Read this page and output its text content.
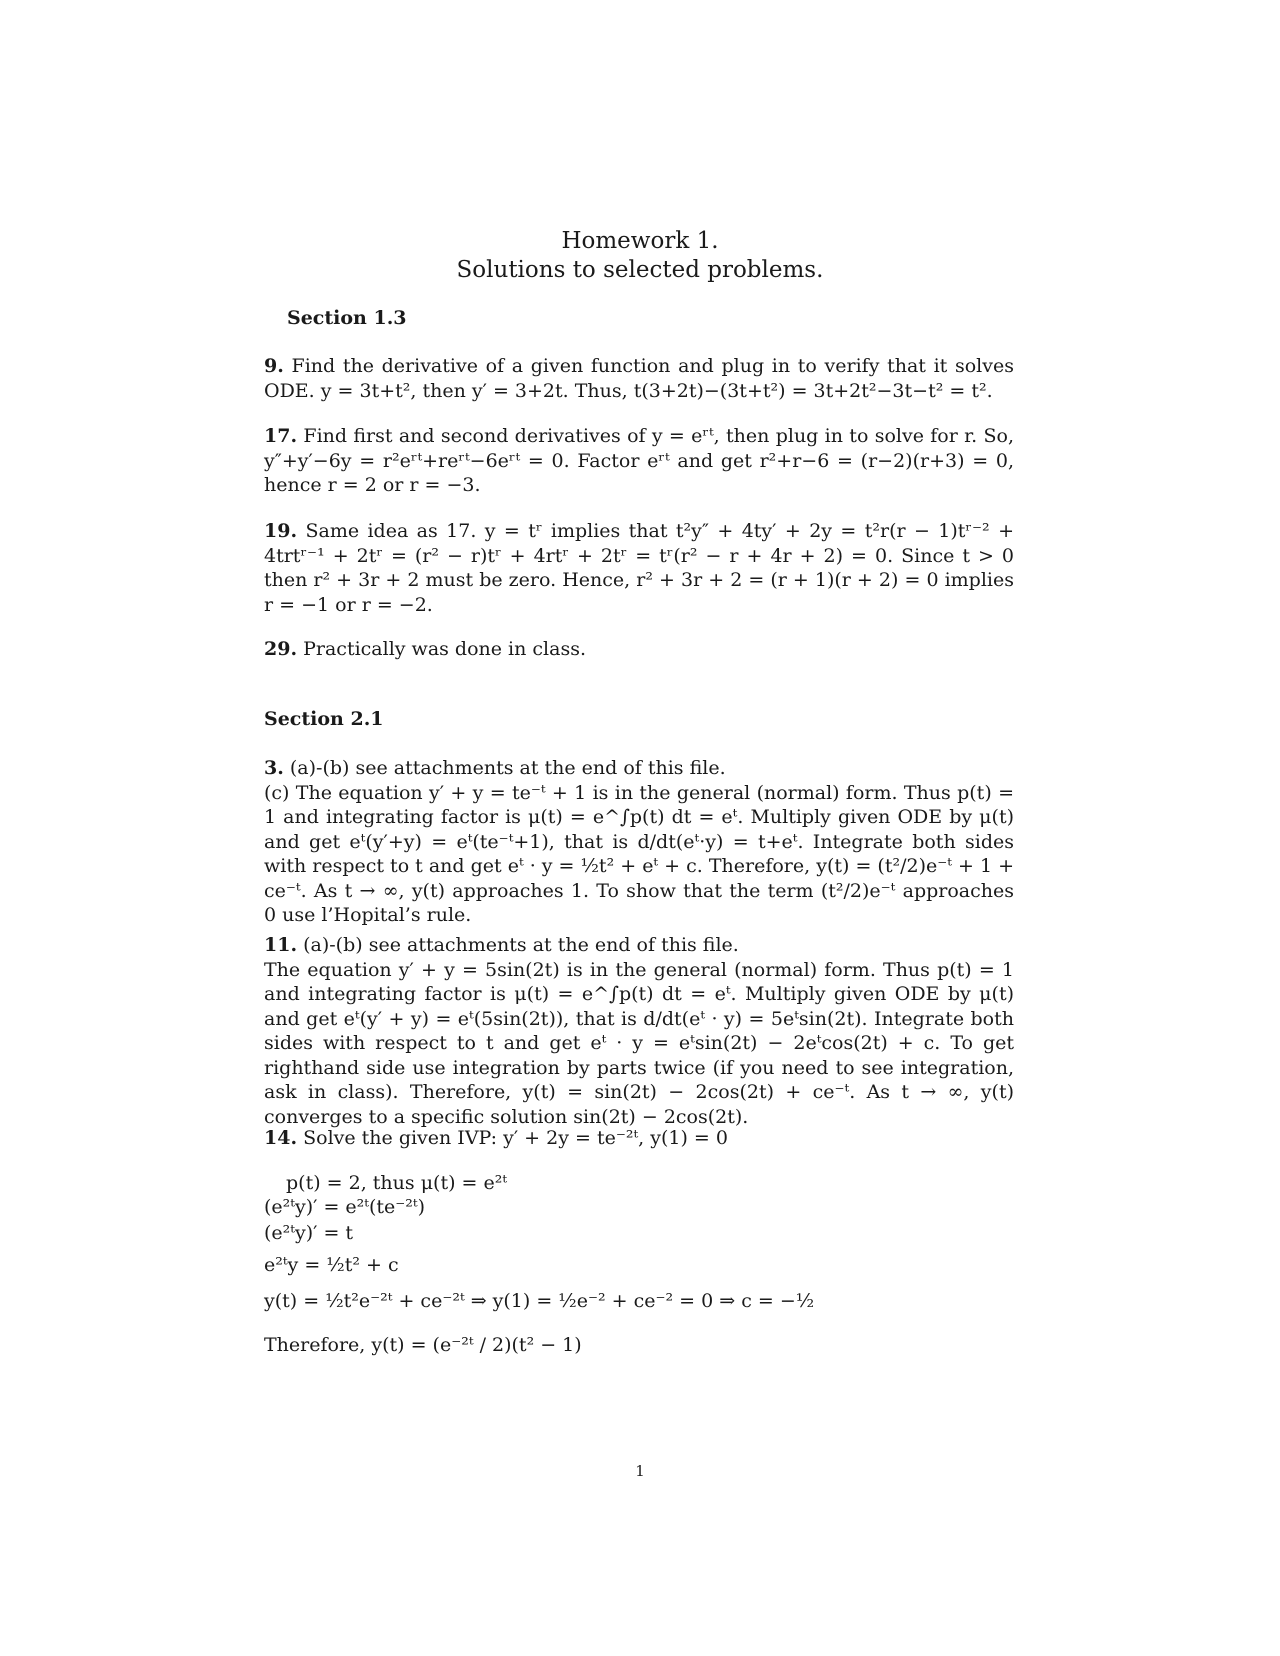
Homework 1.
Solutions to selected problems.
Section 1.3
9. Find the derivative of a given function and plug in to verify that it solves ODE. y = 3t+t², then y′ = 3+2t. Thus, t(3+2t)−(3t+t²) = 3t+2t²−3t−t² = t².
17. Find first and second derivatives of y = eʳᵗ, then plug in to solve for r. So, y″+y′−6y = r²eʳᵗ+reʳᵗ−6eʳᵗ = 0. Factor eʳᵗ and get r²+r−6 = (r−2)(r+3) = 0, hence r = 2 or r = −3.
19. Same idea as 17. y = tʳ implies that t²y″ + 4ty′ + 2y = t²r(r − 1)tʳ⁻² + 4trtʳ⁻¹ + 2tʳ = (r² − r)tʳ + 4rtʳ + 2tʳ = tʳ(r² − r + 4r + 2) = 0. Since t > 0 then r² + 3r + 2 must be zero. Hence, r² + 3r + 2 = (r + 1)(r + 2) = 0 implies r = −1 or r = −2.
29. Practically was done in class.
Section 2.1
3. (a)-(b) see attachments at the end of this file.
(c) The equation y′ + y = te⁻ᵗ + 1 is in the general (normal) form. Thus p(t) = 1 and integrating factor is μ(t) = e^∫p(t) dt = eᵗ. Multiply given ODE by μ(t) and get eᵗ(y′+y) = eᵗ(te⁻ᵗ+1), that is d/dt(eᵗ·y) = t+eᵗ. Integrate both sides with respect to t and get eᵗ · y = ½t² + eᵗ + c. Therefore, y(t) = (t²/2)e⁻ᵗ + 1 + ce⁻ᵗ. As t → ∞, y(t) approaches 1. To show that the term (t²/2)e⁻ᵗ approaches 0 use l’Hopital’s rule.
11. (a)-(b) see attachments at the end of this file.
The equation y′ + y = 5sin(2t) is in the general (normal) form. Thus p(t) = 1 and integrating factor is μ(t) = e^∫p(t) dt = eᵗ. Multiply given ODE by μ(t) and get eᵗ(y′ + y) = eᵗ(5sin(2t)), that is d/dt(eᵗ · y) = 5eᵗsin(2t). Integrate both sides with respect to t and get eᵗ · y = eᵗsin(2t) − 2eᵗcos(2t) + c. To get righthand side use integration by parts twice (if you need to see integration, ask in class). Therefore, y(t) = sin(2t) − 2cos(2t) + ce⁻ᵗ. As t → ∞, y(t) converges to a specific solution sin(2t) − 2cos(2t).
14. Solve the given IVP: y′ + 2y = te⁻²ᵗ, y(1) = 0
p(t) = 2, thus μ(t) = e²ᵗ
(e²ᵗy)′ = e²ᵗ(te⁻²ᵗ)
(e²ᵗy)′ = t
e²ᵗy = ½t² + c
y(t) = ½t²e⁻²ᵗ + ce⁻²ᵗ ⇒ y(1) = ½e⁻² + ce⁻² = 0 ⇒ c = −½
Therefore, y(t) = (e⁻²ᵗ / 2)(t² − 1)
1
